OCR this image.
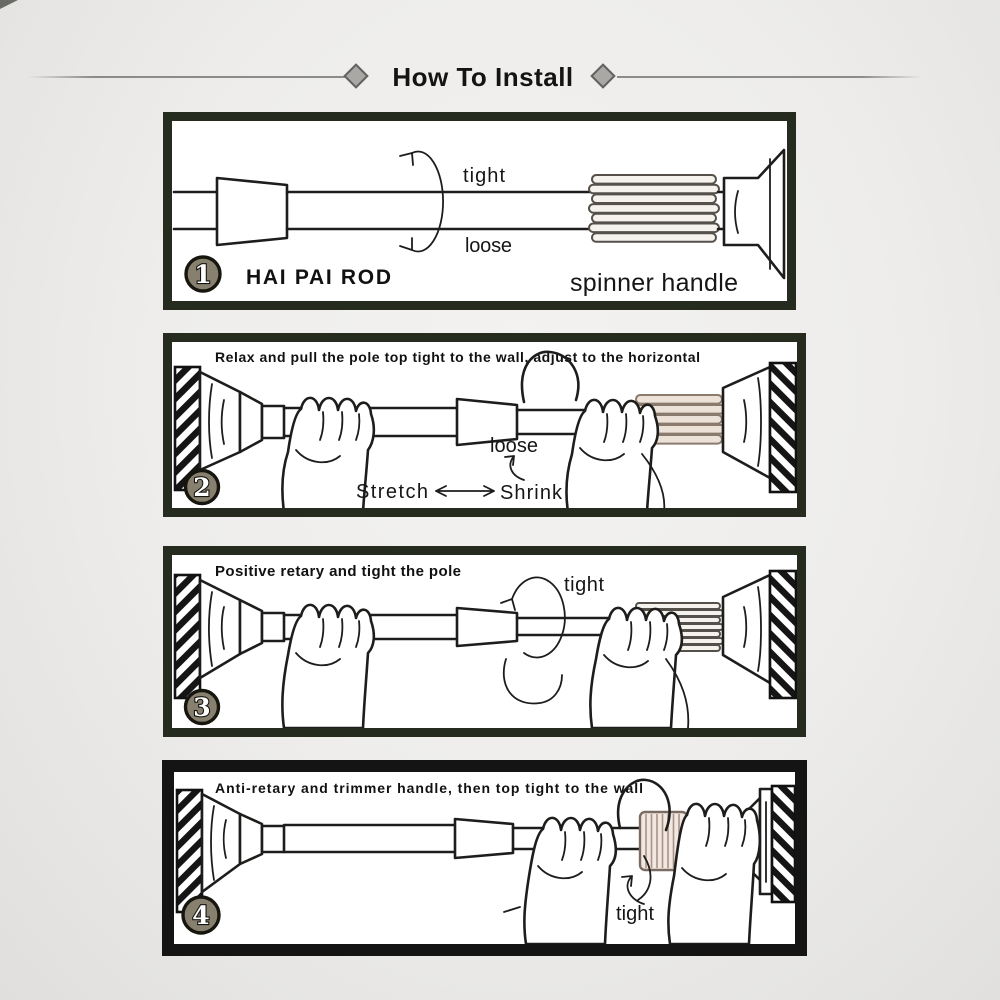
How To Install
1
tight
loose
HAI PAI ROD	spinner handle
Relax and pull the pole top tight to the wall, adjust to the horizontal
loose
Stretch	Shrink
2
Positive retary and tight the pole
tight
3
Anti-retary and trimmer handle, then top tight to the wall
tight
4
